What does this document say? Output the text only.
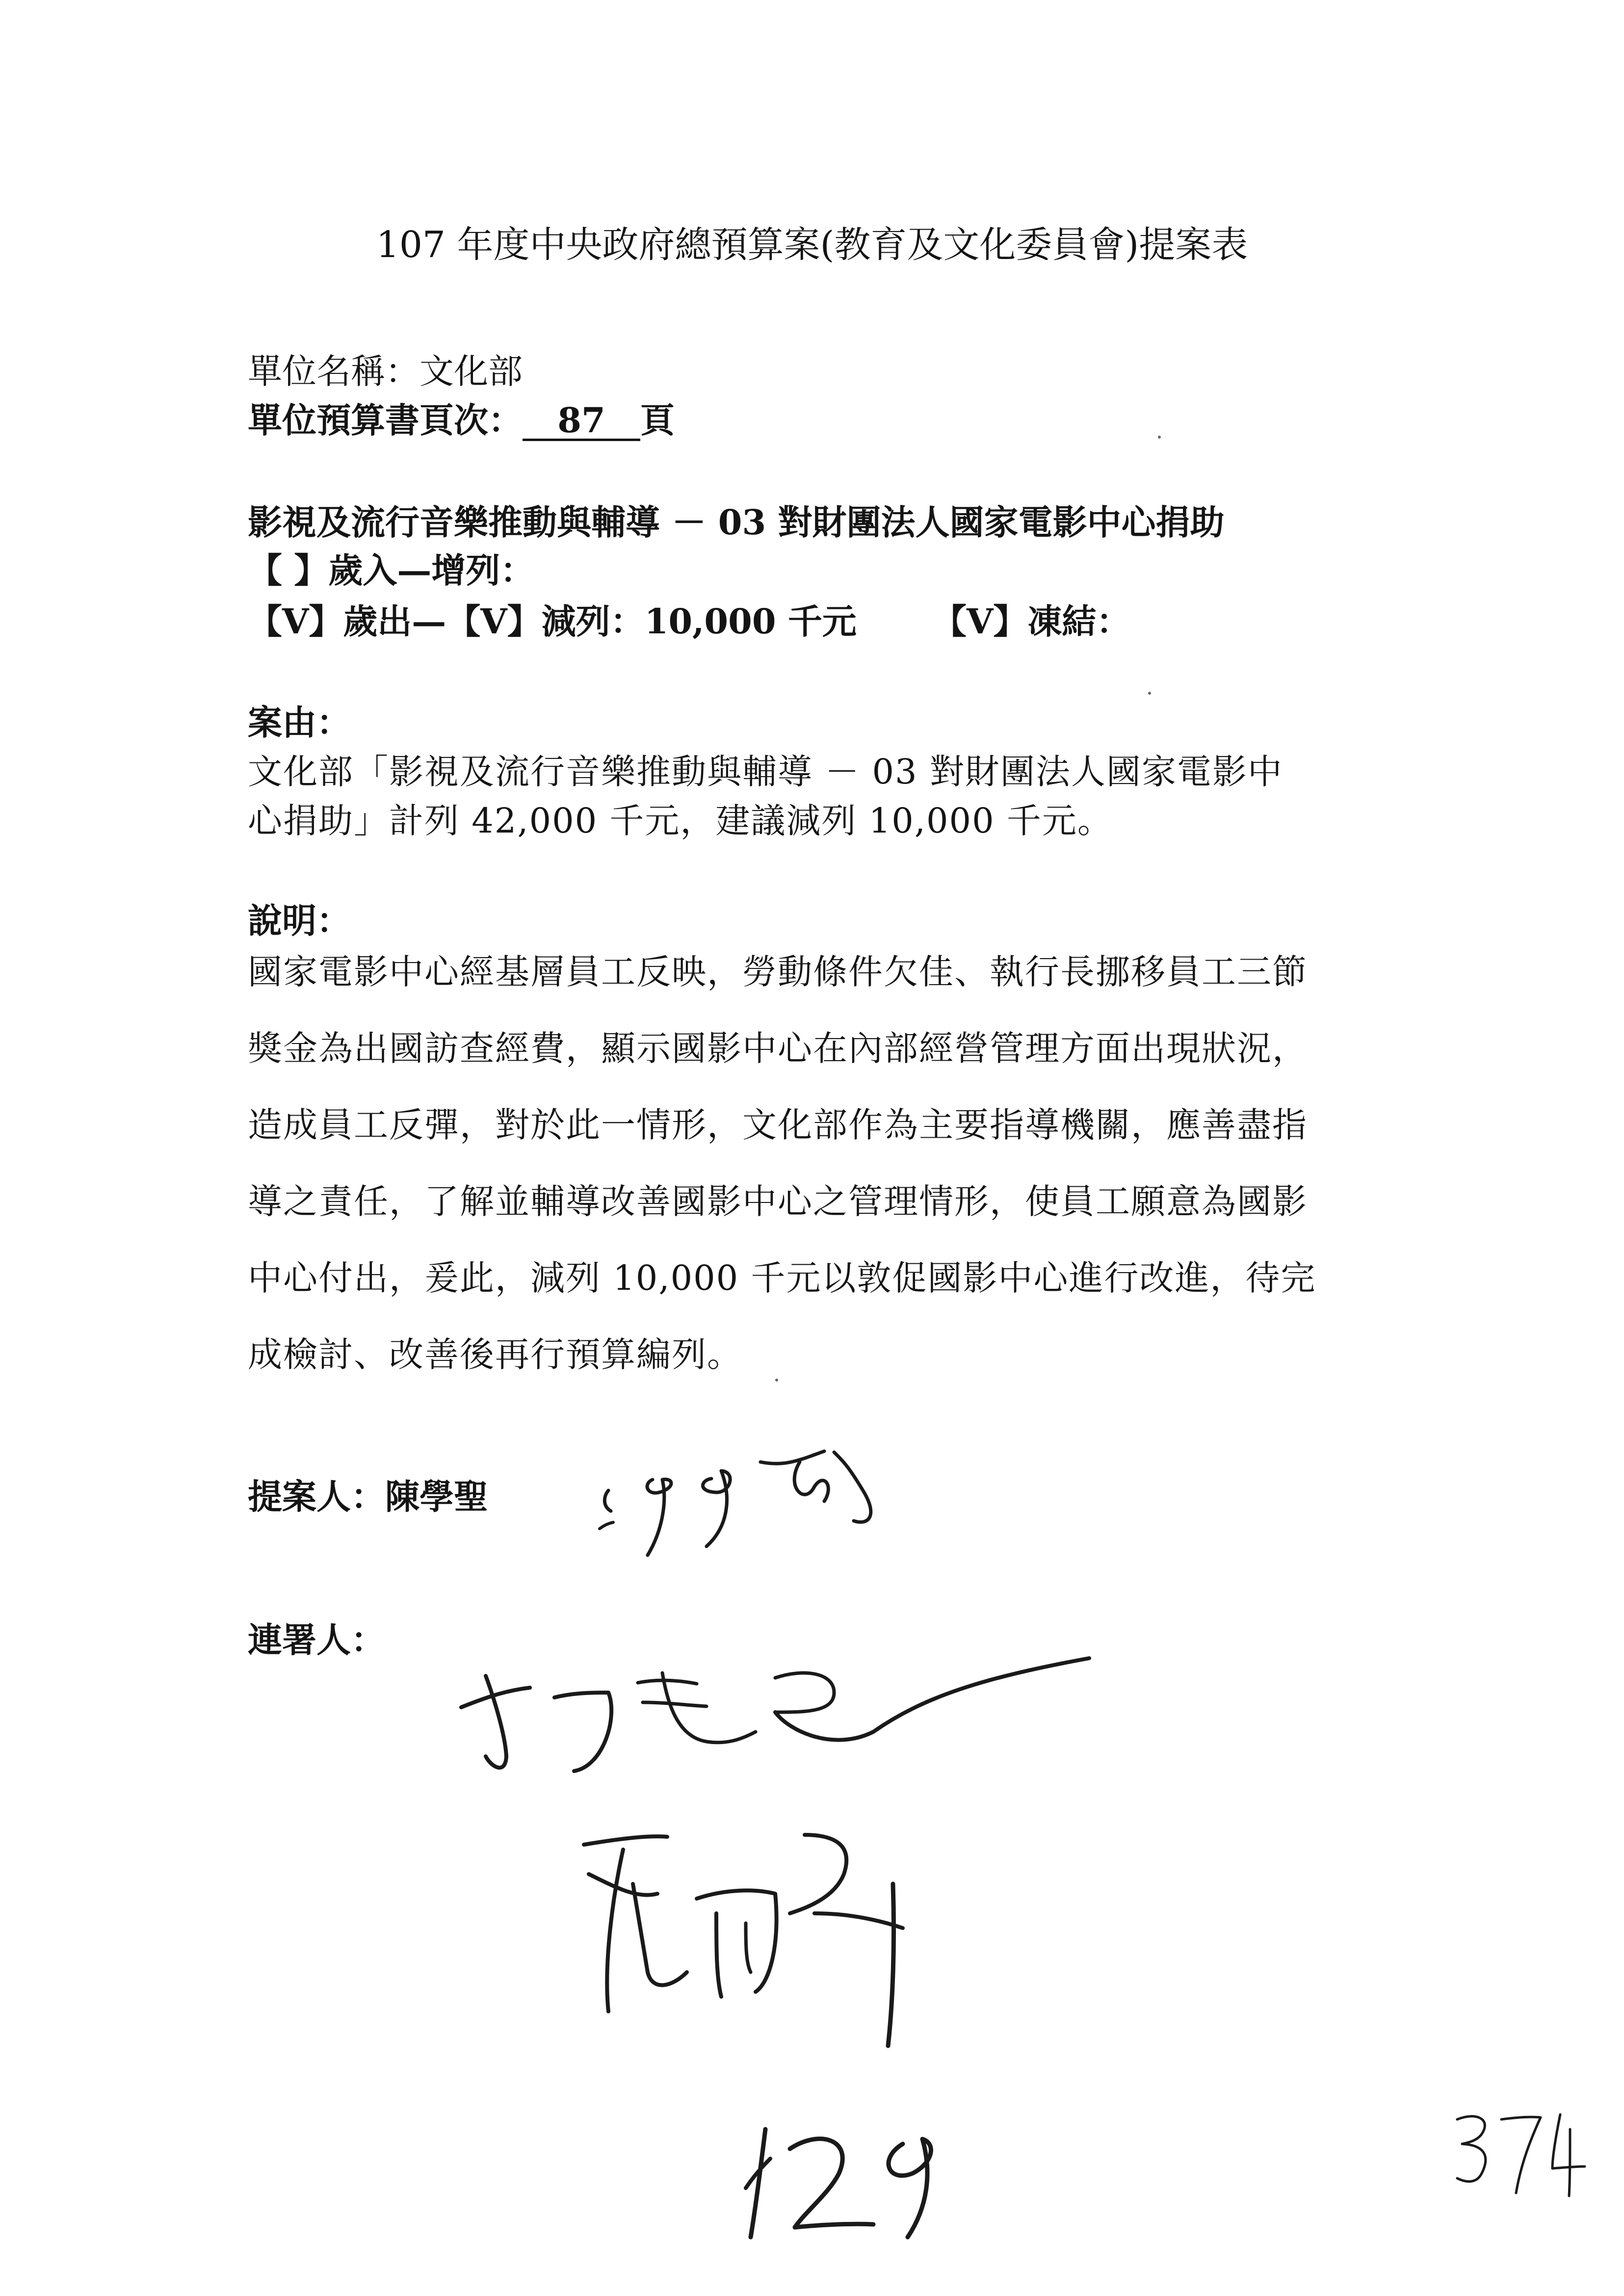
107 年度中央政府總預算案(教育及文化委員會)提案表
單位名稱：文化部
單位預算書頁次： 87 頁
影視及流行音樂推動與輔導 － 03 對財團法人國家電影中心捐助
【 】歲入—增列：
【V】歲出—【V】減列：10,000 千元 【V】凍結：
案由：
文化部「影視及流行音樂推動與輔導 － 03 對財團法人國家電影中
心捐助」計列 42,000 千元，建議減列 10,000 千元。
說明：
國家電影中心經基層員工反映，勞動條件欠佳、執行長挪移員工三節
獎金為出國訪查經費，顯示國影中心在內部經營管理方面出現狀況，
造成員工反彈，對於此一情形，文化部作為主要指導機關，應善盡指
導之責任，了解並輔導改善國影中心之管理情形，使員工願意為國影
中心付出，爰此，減列 10,000 千元以敦促國影中心進行改進，待完
成檢討、改善後再行預算編列。
提案人：陳學聖
連署人：
